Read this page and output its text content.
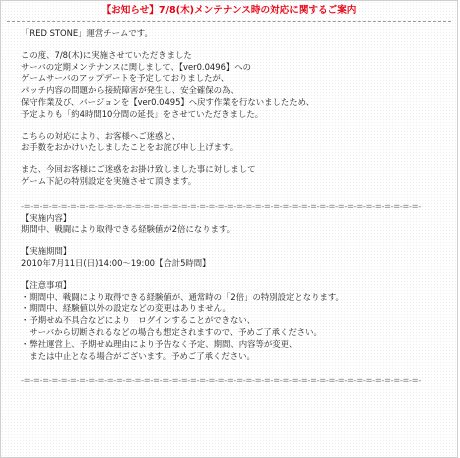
【お知らせ】7/8(木)メンテナンス時の対応に関するご案内
「RED STONE」運営チームです。
この度、7/8(木)に実施させていただきました
サーバの定期メンテナンスに関しまして、【ver0.0496】への
ゲームサーバのアップデートを予定しておりましたが、
パッチ内容の問題から接続障害が発生し、安全確保の為、
保守作業及び、バージョンを【ver0.0495】へ戻す作業を行ないましたため、
予定よりも「約4時間10分間の延長」をさせていただきました。
こちらの対応により、お客様へご迷惑と、
お手数をおかけいたしましたことをお詫び申し上げます。
また、今回お客様にご迷惑をお掛け致しました事に対しまして
ゲーム下記の特別設定を実施させて頂きます。
-=-=-=-=-=-=-=-=-=-=-=-=-=-=-=-=-=-=-=-=-=-=-=-=-=-=-=-=-=-=-=-=-=-=-=-=-=-=-=-=-=-=-=-
【実施内容】
期間中、戦闘により取得できる経験値が2倍になります。
【実施期間】
2010年7月11日(日)14:00～19:00【合計5時間】
【注意事項】
・期間中、戦闘により取得できる経験値が、通常時の「2倍」の特別設定となります。
・期間中、経験値以外の設定などの変更はありません。
・予期せぬ不具合などにより　ログインすることができない、
　サーバから切断されるなどの場合も想定されますので、予めご了承ください。
・弊社運営上、予期せぬ理由により予告なく予定、期間、内容等が変更、
　または中止となる場合がございます。予めご了承ください。
-=-=-=-=-=-=-=-=-=-=-=-=-=-=-=-=-=-=-=-=-=-=-=-=-=-=-=-=-=-=-=-=-=-=-=-=-=-=-=-=-=-=-=-
